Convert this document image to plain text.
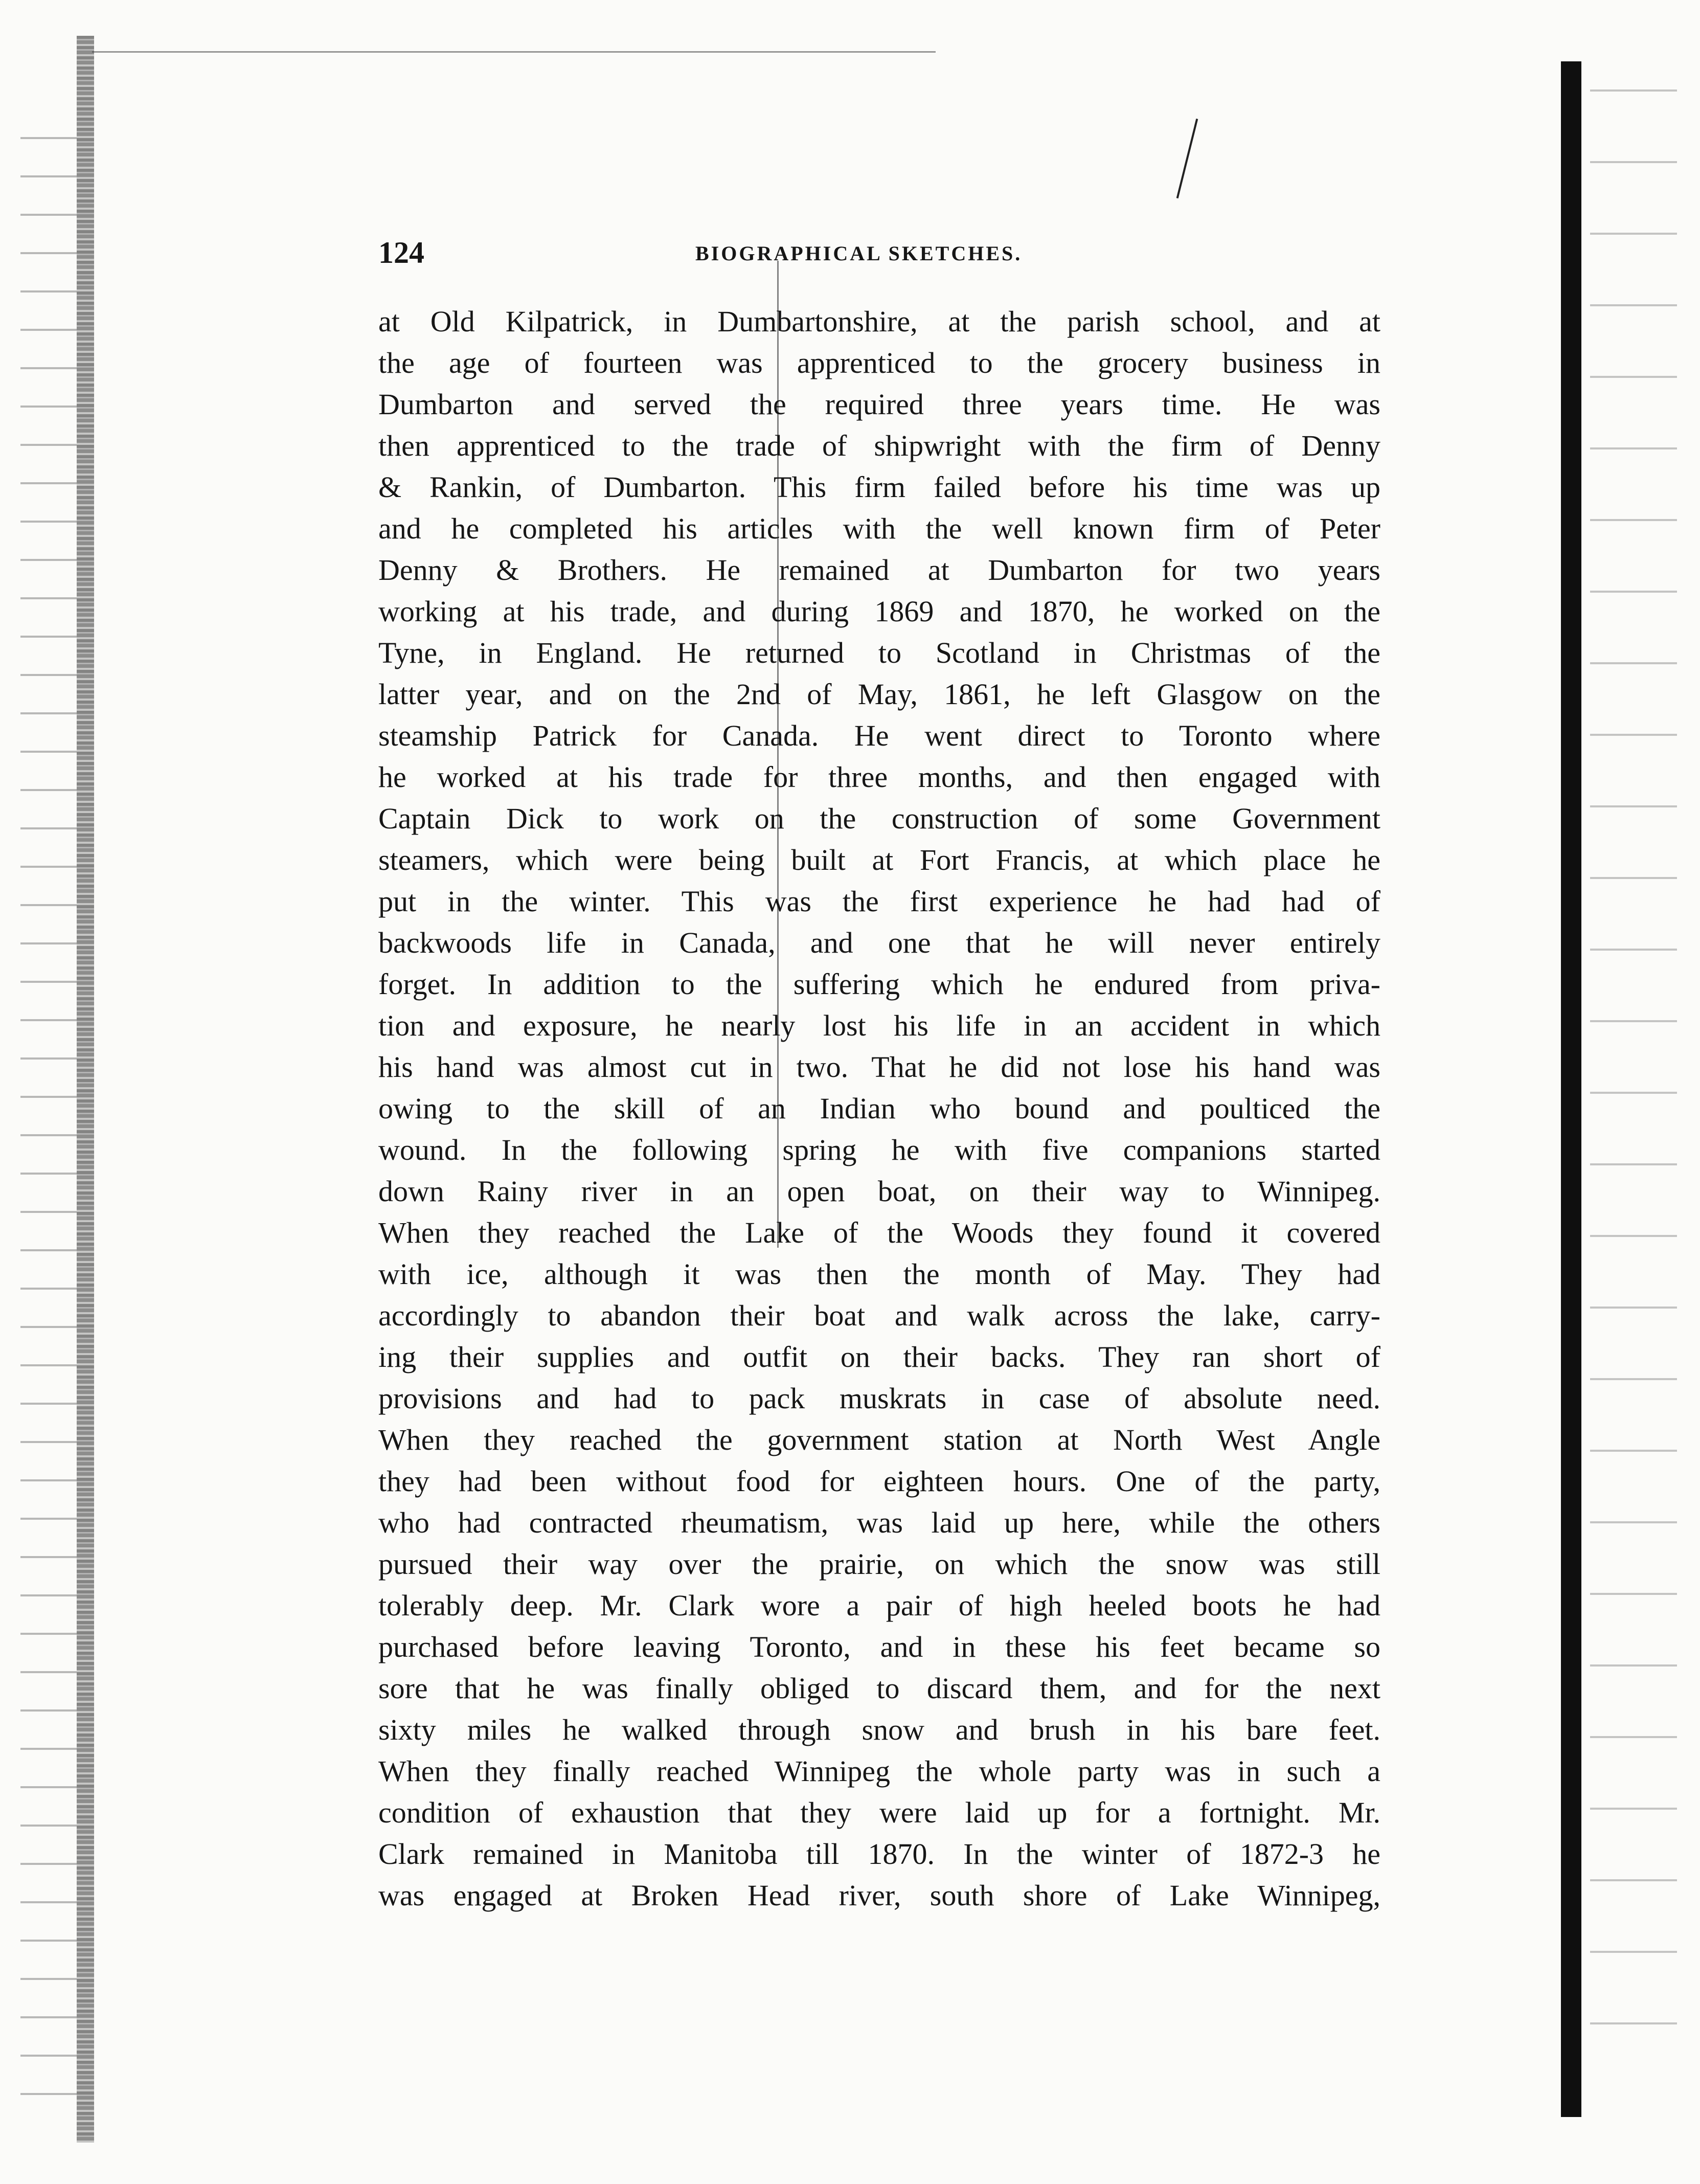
124	BIOGRAPHICAL SKETCHES.
at Old Kilpatrick, in Dumbartonshire, at the parish school, and at
the age of fourteen was apprenticed to the grocery business in
Dumbarton and served the required three years time. He was
then apprenticed to the trade of shipwright with the firm of Denny
& Rankin, of Dumbarton. This firm failed before his time was up
and he completed his articles with the well known firm of Peter
Denny & Brothers. He remained at Dumbarton for two years
working at his trade, and during 1869 and 1870, he worked on the
Tyne, in England. He returned to Scotland in Christmas of the
latter year, and on the 2nd of May, 1861, he left Glasgow on the
steamship Patrick for Canada. He went direct to Toronto where
he worked at his trade for three months, and then engaged with
Captain Dick to work on the construction of some Government
steamers, which were being built at Fort Francis, at which place he
put in the winter. This was the first experience he had had of
backwoods life in Canada, and one that he will never entirely
forget. In addition to the suffering which he endured from priva-
tion and exposure, he nearly lost his life in an accident in which
his hand was almost cut in two. That he did not lose his hand was
owing to the skill of an Indian who bound and poulticed the
wound. In the following spring he with five companions started
down Rainy river in an open boat, on their way to Winnipeg.
When they reached the Lake of the Woods they found it covered
with ice, although it was then the month of May. They had
accordingly to abandon their boat and walk across the lake, carry-
ing their supplies and outfit on their backs. They ran short of
provisions and had to pack muskrats in case of absolute need.
When they reached the government station at North West Angle
they had been without food for eighteen hours. One of the party,
who had contracted rheumatism, was laid up here, while the others
pursued their way over the prairie, on which the snow was still
tolerably deep. Mr. Clark wore a pair of high heeled boots he had
purchased before leaving Toronto, and in these his feet became so
sore that he was finally obliged to discard them, and for the next
sixty miles he walked through snow and brush in his bare feet.
When they finally reached Winnipeg the whole party was in such a
condition of exhaustion that they were laid up for a fortnight. Mr.
Clark remained in Manitoba till 1870. In the winter of 1872-3 he
was engaged at Broken Head river, south shore of Lake Winnipeg,
